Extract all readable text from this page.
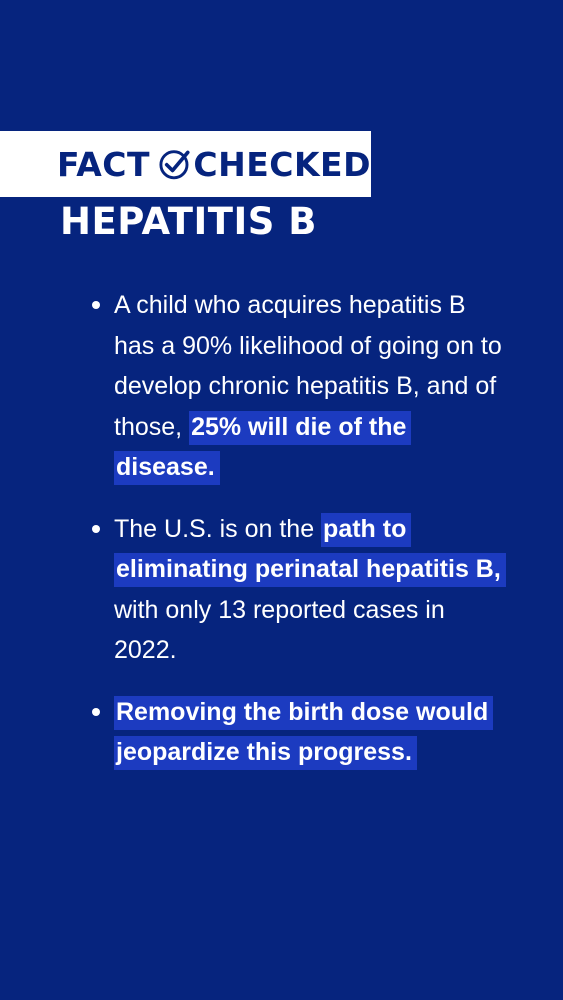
FACT CHECKED
HEPATITIS B
A child who acquires hepatitis B has a 90% likelihood of going on to develop chronic hepatitis B, and of those, 25% will die of the disease.
The U.S. is on the path to eliminating perinatal hepatitis B, with only 13 reported cases in 2022.
Removing the birth dose would jeopardize this progress.
